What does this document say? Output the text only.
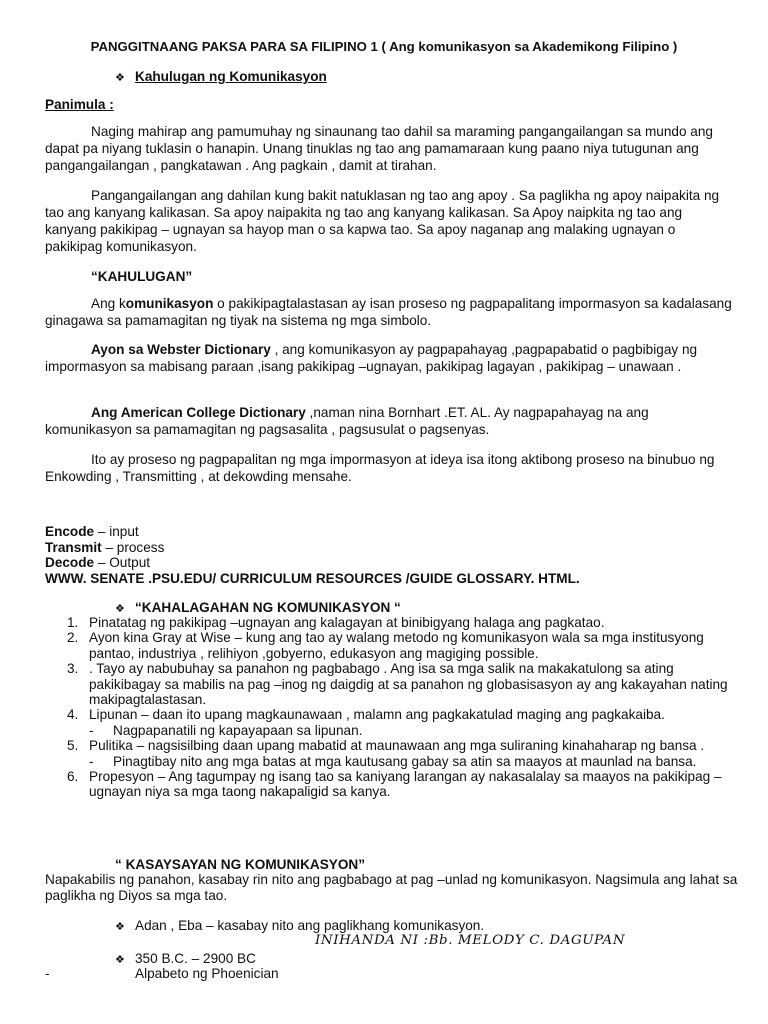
PANGGITNAANG PAKSA PARA SA FILIPINO 1 ( Ang komunikasyon sa Akademikong Filipino )
❖ Kahulugan ng Komunikasyon
Panimula :
Naging mahirap ang pamumuhay ng sinaunang tao dahil sa maraming pangangailangan sa mundo ang dapat pa niyang tuklasin o hanapin. Unang tinuklas ng tao ang pamamaraan kung paano niya tutugunan ang pangangailangan , pangkatawan . Ang pagkain , damit at tirahan.
Pangangailangan ang dahilan kung bakit natuklasan ng tao ang apoy . Sa paglikha ng apoy naipakita ng tao ang kanyang kalikasan. Sa apoy naipakita ng tao ang kanyang kalikasan. Sa Apoy naipkita ng tao ang kanyang pakikipag – ugnayan sa hayop man o sa kapwa tao. Sa apoy naganap ang malaking ugnayan o pakikipag komunikasyon.
“KAHULUGAN”
Ang komunikasyon o pakikipagtalastasan ay isan proseso ng pagpapalitang impormasyon sa kadalasang ginagawa sa pamamagitan ng tiyak na sistema ng mga simbolo.
Ayon sa Webster Dictionary , ang komunikasyon ay pagpapahayag ,pagpapabatid o pagbibigay ng impormasyon sa mabisang paraan ,isang pakikipag –ugnayan, pakikipag lagayan , pakikipag – unawaan .
Ang American College Dictionary ,naman nina Bornhart .ET. AL. Ay nagpapahayag na ang komunikasyon sa pamamagitan ng pagsasalita , pagsusulat o pagsenyas.
Ito ay proseso ng pagpapalitan ng mga impormasyon at ideya isa itong aktibong proseso na binubuo ng Enkowding , Transmitting , at dekowding mensahe.
Encode – input
Transmit – process
Decode – Output
WWW. SENATE .PSU.EDU/ CURRICULUM RESOURCES /GUIDE GLOSSARY. HTML.
❖ “KAHALAGAHAN NG KOMUNIKASYON “
1. Pinatatag ng pakikipag –ugnayan ang kalagayan at binibigyang halaga ang pagkatao.
2. Ayon kina Gray at Wise – kung ang tao ay walang metodo ng komunikasyon wala sa mga institusyong pantao, industriya , relihiyon ,gobyerno, edukasyon ang magiging possible.
3. . Tayo ay nabubuhay sa panahon ng pagbabago . Ang isa sa mga salik na makakatulong sa ating pakikibagay sa mabilis na pag –inog ng daigdig at sa panahon ng globasisasyon ay ang kakayahan nating makipagtalastasan.
4. Lipunan – daan ito upang magkaunawaan , malamn ang pagkakatulad maging ang pagkakaiba.
- Nagpapanatili ng kapayapaan sa lipunan.
5. Pulitika – nagsisilbing daan upang mabatid at maunawaan ang mga suliraning kinahaharap ng bansa .
- Pinagtibay nito ang mga batas at mga kautusang gabay sa atin sa maayos at maunlad na bansa.
6. Propesyon – Ang tagumpay ng isang tao sa kaniyang larangan ay nakasalalay sa maayos na pakikipag –ugnayan niya sa mga taong nakapaligid sa kanya.
“ KASAYSAYAN NG KOMUNIKASYON”
Napakabilis ng panahon, kasabay rin nito ang pagbabago at pag –unlad ng komunikasyon. Nagsimula ang lahat sa paglikha ng Diyos sa mga tao.
❖ Adan , Eba – kasabay nito ang paglikhang komunikasyon.
INIHANDA NI :Bb. MELODY C. DAGUPAN
❖ 350 B.C. – 2900 BC
-	Alpabeto ng Phoenician
